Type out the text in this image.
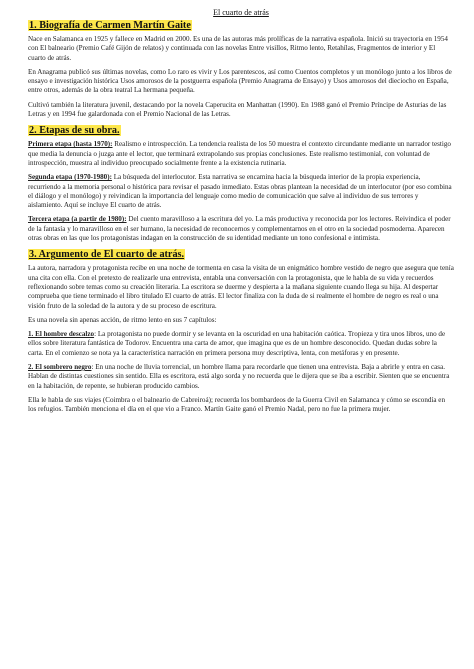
El cuarto de atrás
1. Biografía de Carmen Martín Gaite

Nace en Salamanca en 1925 y fallece en Madrid en 2000. Es una de las autoras más prolíficas de la narrativa española. Inició su trayectoria en 1954 con El balneario (Premio Café Gijón de relatos) y continuada con las novelas Entre visillos, Ritmo lento, Retahílas, Fragmentos de interior y El cuarto de atrás.

En Anagrama publicó sus últimas novelas, como Lo raro es vivir y Los parentescos, así como Cuentos completos y un monólogo junto a los libros de ensayo e investigación histórica Usos amorosos de la postguerra española (Premio Anagrama de Ensayo) y Usos amorosos del dieciocho en España, entre otros, además de la obra teatral La hermana pequeña.

Cultivó también la literatura juvenil, destacando por la novela Caperucita en Manhattan (1990). En 1988 ganó el Premio Príncipe de Asturias de las Letras y en 1994 fue galardonada con el Premio Nacional de las Letras.

2. Etapas de su obra.

Primera etapa (hasta 1970): Realismo e introspección. La tendencia realista de los 50 muestra el contexto circundante mediante un narrador testigo que media la denuncia o juzga ante el lector, que terminará extrapolando sus propias conclusiones. Este realismo testimonial, con voluntad de introspección, muestra al individuo preocupado socialmente frente a la existencia rutinaria.

Segunda etapa (1970-1980): La búsqueda del interlocutor. Esta narrativa se encamina hacia la búsqueda interior de la propia experiencia, recurriendo a la memoria personal o histórica para revisar el pasado inmediato. Estas obras plantean la necesidad de un interlocutor (por eso combina el diálogo y el monólogo) y reivindican la importancia del lenguaje como medio de comunicación que salve al individuo de sus terrores y aislamiento. Aquí se incluye El cuarto de atrás.

Tercera etapa (a partir de 1980): Del cuento maravilloso a la escritura del yo. La más productiva y reconocida por los lectores. Reivindica el poder de la fantasía y lo maravilloso en el ser humano, la necesidad de reconocernos y complementarnos en el otro en la sociedad posmoderna. Aparecen otras obras en las que los protagonistas indagan en la construcción de su identidad mediante un tono confesional e intimista.

3. Argumento de El cuarto de atrás.

La autora, narradora y protagonista recibe en una noche de tormenta en casa la visita de un enigmático hombre vestido de negro que asegura que tenía una cita con ella. Con el pretexto de realizarle una entrevista, entabla una conversación con la protagonista, que le habla de su vida y recuerdos reflexionando sobre temas como su creación literaria. La escritora se duerme y despierta a la mañana siguiente cuando llega su hija. Al despertar comprueba que tiene terminado el libro titulado El cuarto de atrás. El lector finaliza con la duda de si realmente el hombre de negro es real o una visión fruto de la soledad de la autora y de su proceso de escritura.

Es una novela sin apenas acción, de ritmo lento en sus 7 capítulos:

1. El hombre descalzo: La protagonista no puede dormir y se levanta en la oscuridad en una habitación caótica. Tropieza y tira unos libros, uno de ellos sobre literatura fantástica de Todorov. Encuentra una carta de amor, que imagina que es de un hombre desconocido. Quedan dudas sobre la carta. En el comienzo se nota ya la característica narración en primera persona muy descriptiva, lenta, con metáforas y en presente.

2. El sombrero negro: En una noche de lluvia torrencial, un hombre llama para recordarle que tienen una entrevista. Baja a abrirle y entra en casa. Hablan de distintas cuestiones sin sentido. Ella es escritora, está algo sorda y no recuerda que le dijera que se iba a escribir. Sienten que se encuentra en la habitación, de repente, se hubieran producido cambios.

Ella le habla de sus viajes (Coimbra o el balneario de Cabreiroá); recuerda los bombardeos de la Guerra Civil en Salamanca y cómo se escondía en los refugios. También menciona el día en el que vio a Franco. Martín Gaite ganó el Premio Nadal, pero no fue la primera mujer.
